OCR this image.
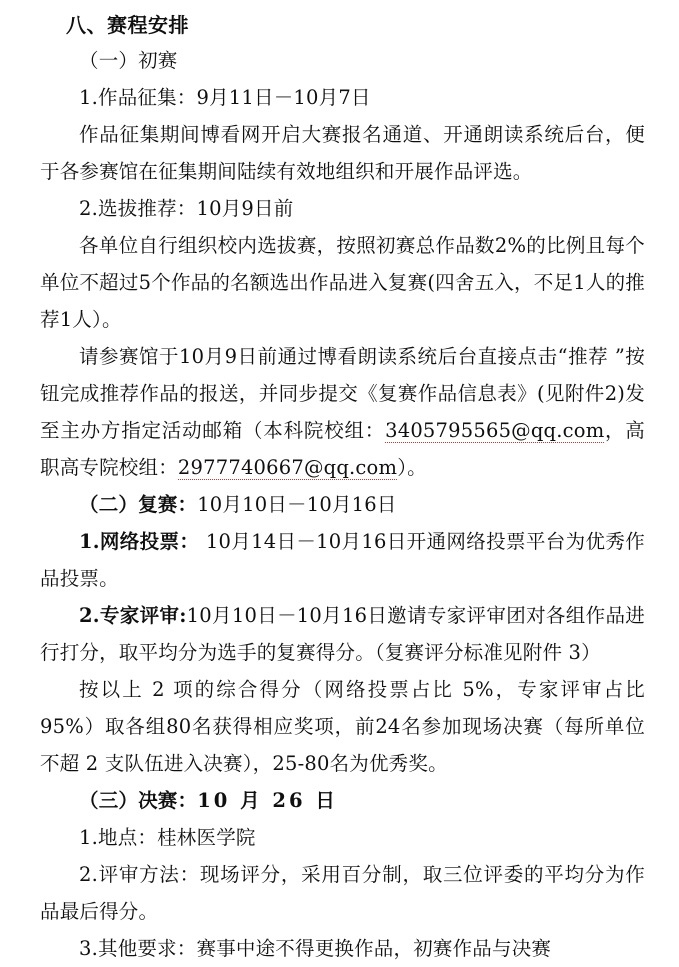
八、赛程安排

（一）初赛

1.作品征集：9月11日－10月7日

作品征集期间博看网开启大赛报名通道、开通朗读系统后台，便于各参赛馆在征集期间陆续有效地组织和开展作品评选。

2.选拔推荐：10月9日前

各单位自行组织校内选拔赛，按照初赛总作品数2%的比例且每个单位不超过5个作品的名额选出作品进入复赛(四舍五入，不足1人的推荐1人）。

请参赛馆于10月9日前通过博看朗读系统后台直接点击“推荐 ”按钮完成推荐作品的报送，并同步提交《复赛作品信息表》(见附件2)发至主办方指定活动邮箱（本科院校组：3405795565@qq.com，高职高专院校组：2977740667@qq.com）。

（二）复赛：10月10日－10月16日

1.网络投票： 10月14日－10月16日开通网络投票平台为优秀作品投票。

2.专家评审:10月10日－10月16日邀请专家评审团对各组作品进行打分，取平均分为选手的复赛得分。（复赛评分标准见附件 3）

按以上 2 项的综合得分（网络投票占比 5%，专家评审占比 95%）取各组80名获得相应奖项，前24名参加现场决赛（每所单位不超 2 支队伍进入决赛），25-80名为优秀奖。

（三）决赛：10 月 26 日

1.地点：桂林医学院

2.评审方法：现场评分，采用百分制，取三位评委的平均分为作品最后得分。

3.其他要求：赛事中途不得更换作品，初赛作品与决赛
